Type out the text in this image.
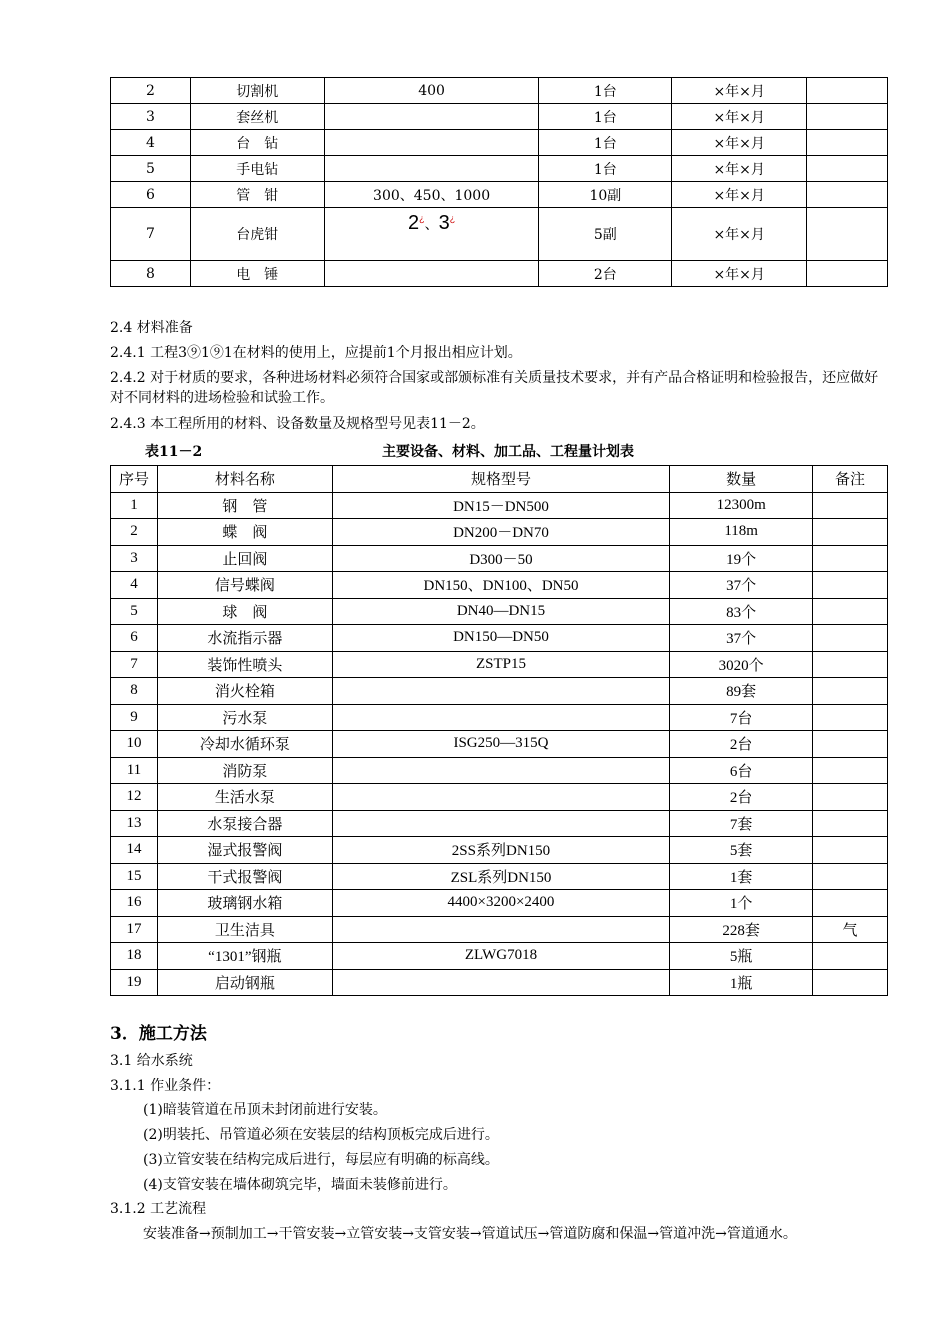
2	切割机	400	1台	×年×月	
3	套丝机		1台	×年×月	
4	台　钻		1台	×年×月	
5	手电钻		1台	×年×月	
6	管　钳	300、450、1000	10副	×年×月	
7	台虎钳	2¿、3¿	5副	×年×月	
8	电　锤		2台	×年×月	
2.4 材料准备
2.4.1 工程3⑨1⑨1在材料的使用上，应提前1个月报出相应计划。
2.4.2 对于材质的要求，各种进场材料必须符合国家或部颁标准有关质量技术要求，并有产品合格证明和检验报告，还应做好对不同材料的进场检验和试验工作。
2.4.3 本工程所用的材料、设备数量及规格型号见表11－2。
表11－2	主要设备、材料、加工品、工程量计划表
序号	材料名称	规格型号	数量	备注
1	钢　管	DN15－DN500	12300m	
2	蝶　阀	DN200－DN70	118m	
3	止回阀	D300－50	19个	
4	信号蝶阀	DN150、DN100、DN50	37个	
5	球　阀	DN40—DN15	83个	
6	水流指示器	DN150—DN50	37个	
7	装饰性喷头	ZSTP15	3020个	
8	消火栓箱		89套	
9	污水泵		7台	
10	冷却水循环泵	ISG250—315Q	2台	
11	消防泵		6台	
12	生活水泵		2台	
13	水泵接合器		7套	
14	湿式报警阀	2SS系列DN150	5套	
15	干式报警阀	ZSL系列DN150	1套	
16	玻璃钢水箱	4400×3200×2400	1个	
17	卫生洁具		228套	气
18	“1301”钢瓶	ZLWG7018	5瓶	
19	启动钢瓶		1瓶	
3．施工方法
3.1 给水系统
3.1.1 作业条件：
(1)暗装管道在吊顶未封闭前进行安装。
(2)明装托、吊管道必须在安装层的结构顶板完成后进行。
(3)立管安装在结构完成后进行，每层应有明确的标高线。
(4)支管安装在墙体砌筑完毕，墙面未装修前进行。
3.1.2 工艺流程
安装准备→预制加工→干管安装→立管安装→支管安装→管道试压→管道防腐和保温→管道冲洗→管道通水。
